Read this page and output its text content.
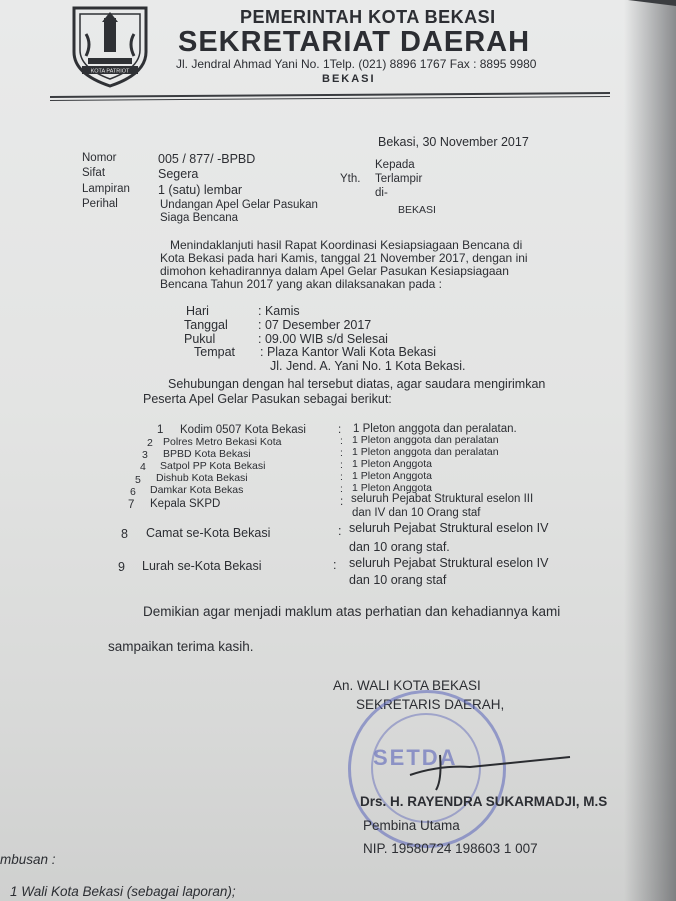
KOTA PATRIOT
PEMERINTAH KOTA BEKASI
SEKRETARIAT DAERAH
Jl. Jendral Ahmad Yani No. 1Telp. (021) 8896 1767 Fax : 8895 9980
BEKASI
Bekasi, 30 November 2017
Nomor	005 / 877/ -BPBD
Sifat	Segera
Lampiran 1 (satu) lembar
Perihal	Undangan Apel Gelar Pasukan
Siaga Bencana
Kepada
Yth. Terlampir
di-
BEKASI
Menindaklanjuti hasil Rapat Koordinasi Kesiapsiagaan Bencana di
Kota Bekasi pada hari Kamis, tanggal 21 November 2017, dengan ini
dimohon kehadirannya dalam Apel Gelar Pasukan Kesiapsiagaan
Bencana Tahun 2017 yang akan dilaksanakan pada :
Hari	: Kamis
Tanggal : 07 Desember 2017
Pukul	: 09.00 WIB s/d Selesai
Tempat : Plaza Kantor Wali Kota Bekasi
Jl. Jend. A. Yani No. 1 Kota Bekasi.
Sehubungan dengan hal tersebut diatas, agar saudara mengirimkan
Peserta Apel Gelar Pasukan sebagai berikut:
1 Kodim 0507 Kota Bekasi	: 1 Pleton anggota dan peralatan.
2 Polres Metro Bekasi Kota	: 1 Pleton anggota dan peralatan
3 BPBD Kota Bekasi	: 1 Pleton anggota dan peralatan
4 Satpol PP Kota Bekasi	: 1 Pleton Anggota
5 Dishub Kota Bekasi	: 1 Pleton Anggota
6 Damkar Kota Bekas	: 1 Pleton Anggota
7 Kepala SKPD	: seluruh Pejabat Struktural eselon III
dan IV dan 10 Orang staf
8 Camat se-Kota Bekasi	: seluruh Pejabat Struktural eselon IV
dan 10 orang staf.
9 Lurah se-Kota Bekasi	: seluruh Pejabat Struktural eselon IV
dan 10 orang staf
Demikian agar menjadi maklum atas perhatian dan kehadiannya kami
sampaikan terima kasih.
An. WALI KOTA BEKASI
SEKRETARIS DAERAH,
SETDA
Drs. H. RAYENDRA SUKARMADJI, M.S
Pembina Utama
NIP. 19580724 198603 1 007
mbusan :
1 Wali Kota Bekasi (sebagai laporan);
